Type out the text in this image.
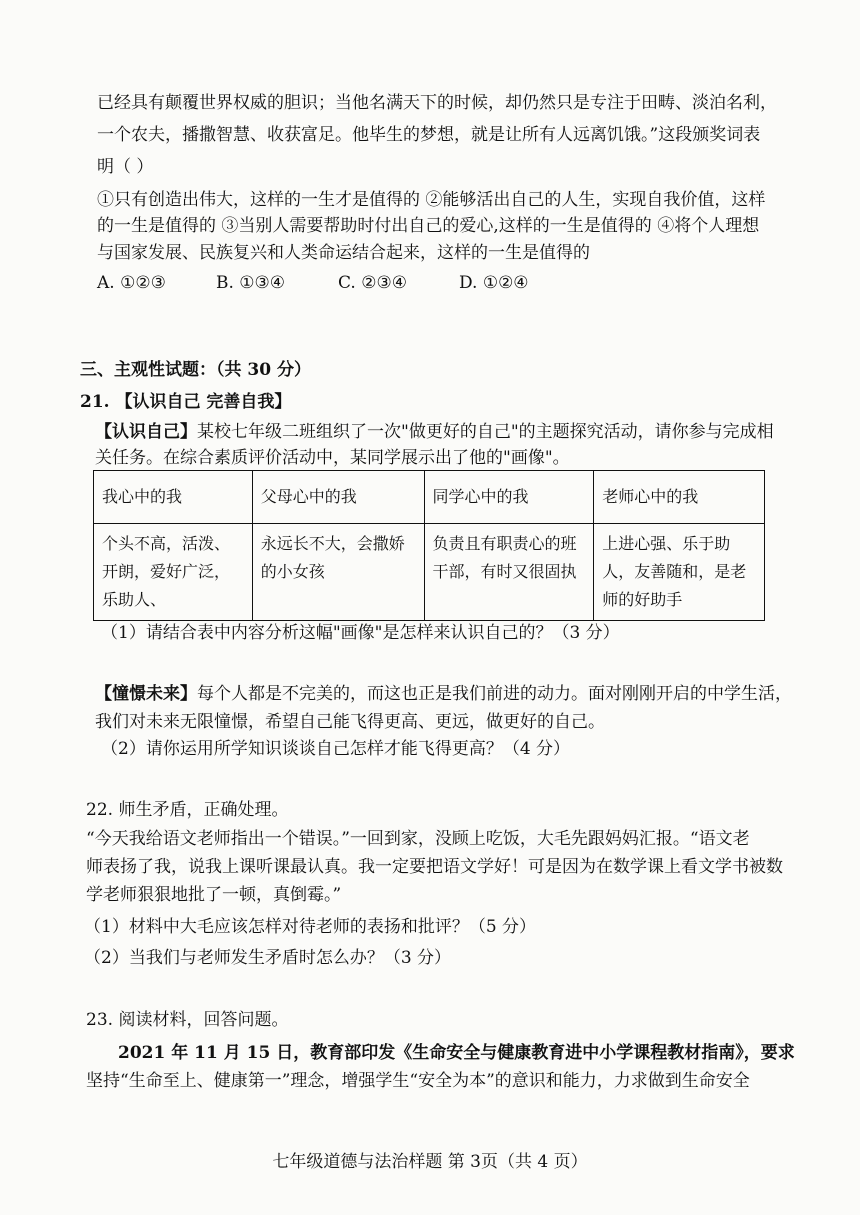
已经具有颠覆世界权威的胆识；当他名满天下的时候，却仍然只是专注于田畴、淡泊名利，
一个农夫，播撒智慧、收获富足。他毕生的梦想，就是让所有人远离饥饿。”这段颁奖词表
明（ ）
①只有创造出伟大，这样的一生才是值得的 ②能够活出自己的人生，实现自我价值，这样
的一生是值得的 ③当别人需要帮助时付出自己的爱心,这样的一生是值得的 ④将个人理想
与国家发展、民族复兴和人类命运结合起来，这样的一生是值得的
A. ①②③	B. ①③④	C. ②③④	D. ①②④
三、主观性试题：（共 30 分）
21. 【认识自己 完善自我】
【认识自己】某校七年级二班组织了一次"做更好的自己"的主题探究活动，请你参与完成相
关任务。在综合素质评价活动中，某同学展示出了他的"画像"。
我心中的我	父母心中的我	同学心中的我	老师心中的我
个头不高，活泼、开朗，爱好广泛，乐助人、	永远长不大，会撒娇的小女孩	负责且有职责心的班干部，有时又很固执	上进心强、乐于助人，友善随和，是老师的好助手
（1）请结合表中内容分析这幅"画像"是怎样来认识自己的？（3 分）
【憧憬未来】每个人都是不完美的，而这也正是我们前进的动力。面对刚刚开启的中学生活，
我们对未来无限憧憬，希望自己能飞得更高、更远，做更好的自己。
（2）请你运用所学知识谈谈自己怎样才能飞得更高？（4 分）
22. 师生矛盾，正确处理。
“今天我给语文老师指出一个错误。”一回到家，没顾上吃饭，大毛先跟妈妈汇报。“语文老
师表扬了我，说我上课听课最认真。我一定要把语文学好！可是因为在数学课上看文学书被数
学老师狠狠地批了一顿，真倒霉。”
（1）材料中大毛应该怎样对待老师的表扬和批评？（5 分）
（2）当我们与老师发生矛盾时怎么办？（3 分）
23. 阅读材料，回答问题。
2021 年 11 月 15 日，教育部印发《生命安全与健康教育进中小学课程教材指南》，要求
坚持“生命至上、健康第一”理念，增强学生“安全为本”的意识和能力，力求做到生命安全
七年级道德与法治样题 第 3页（共 4 页）
